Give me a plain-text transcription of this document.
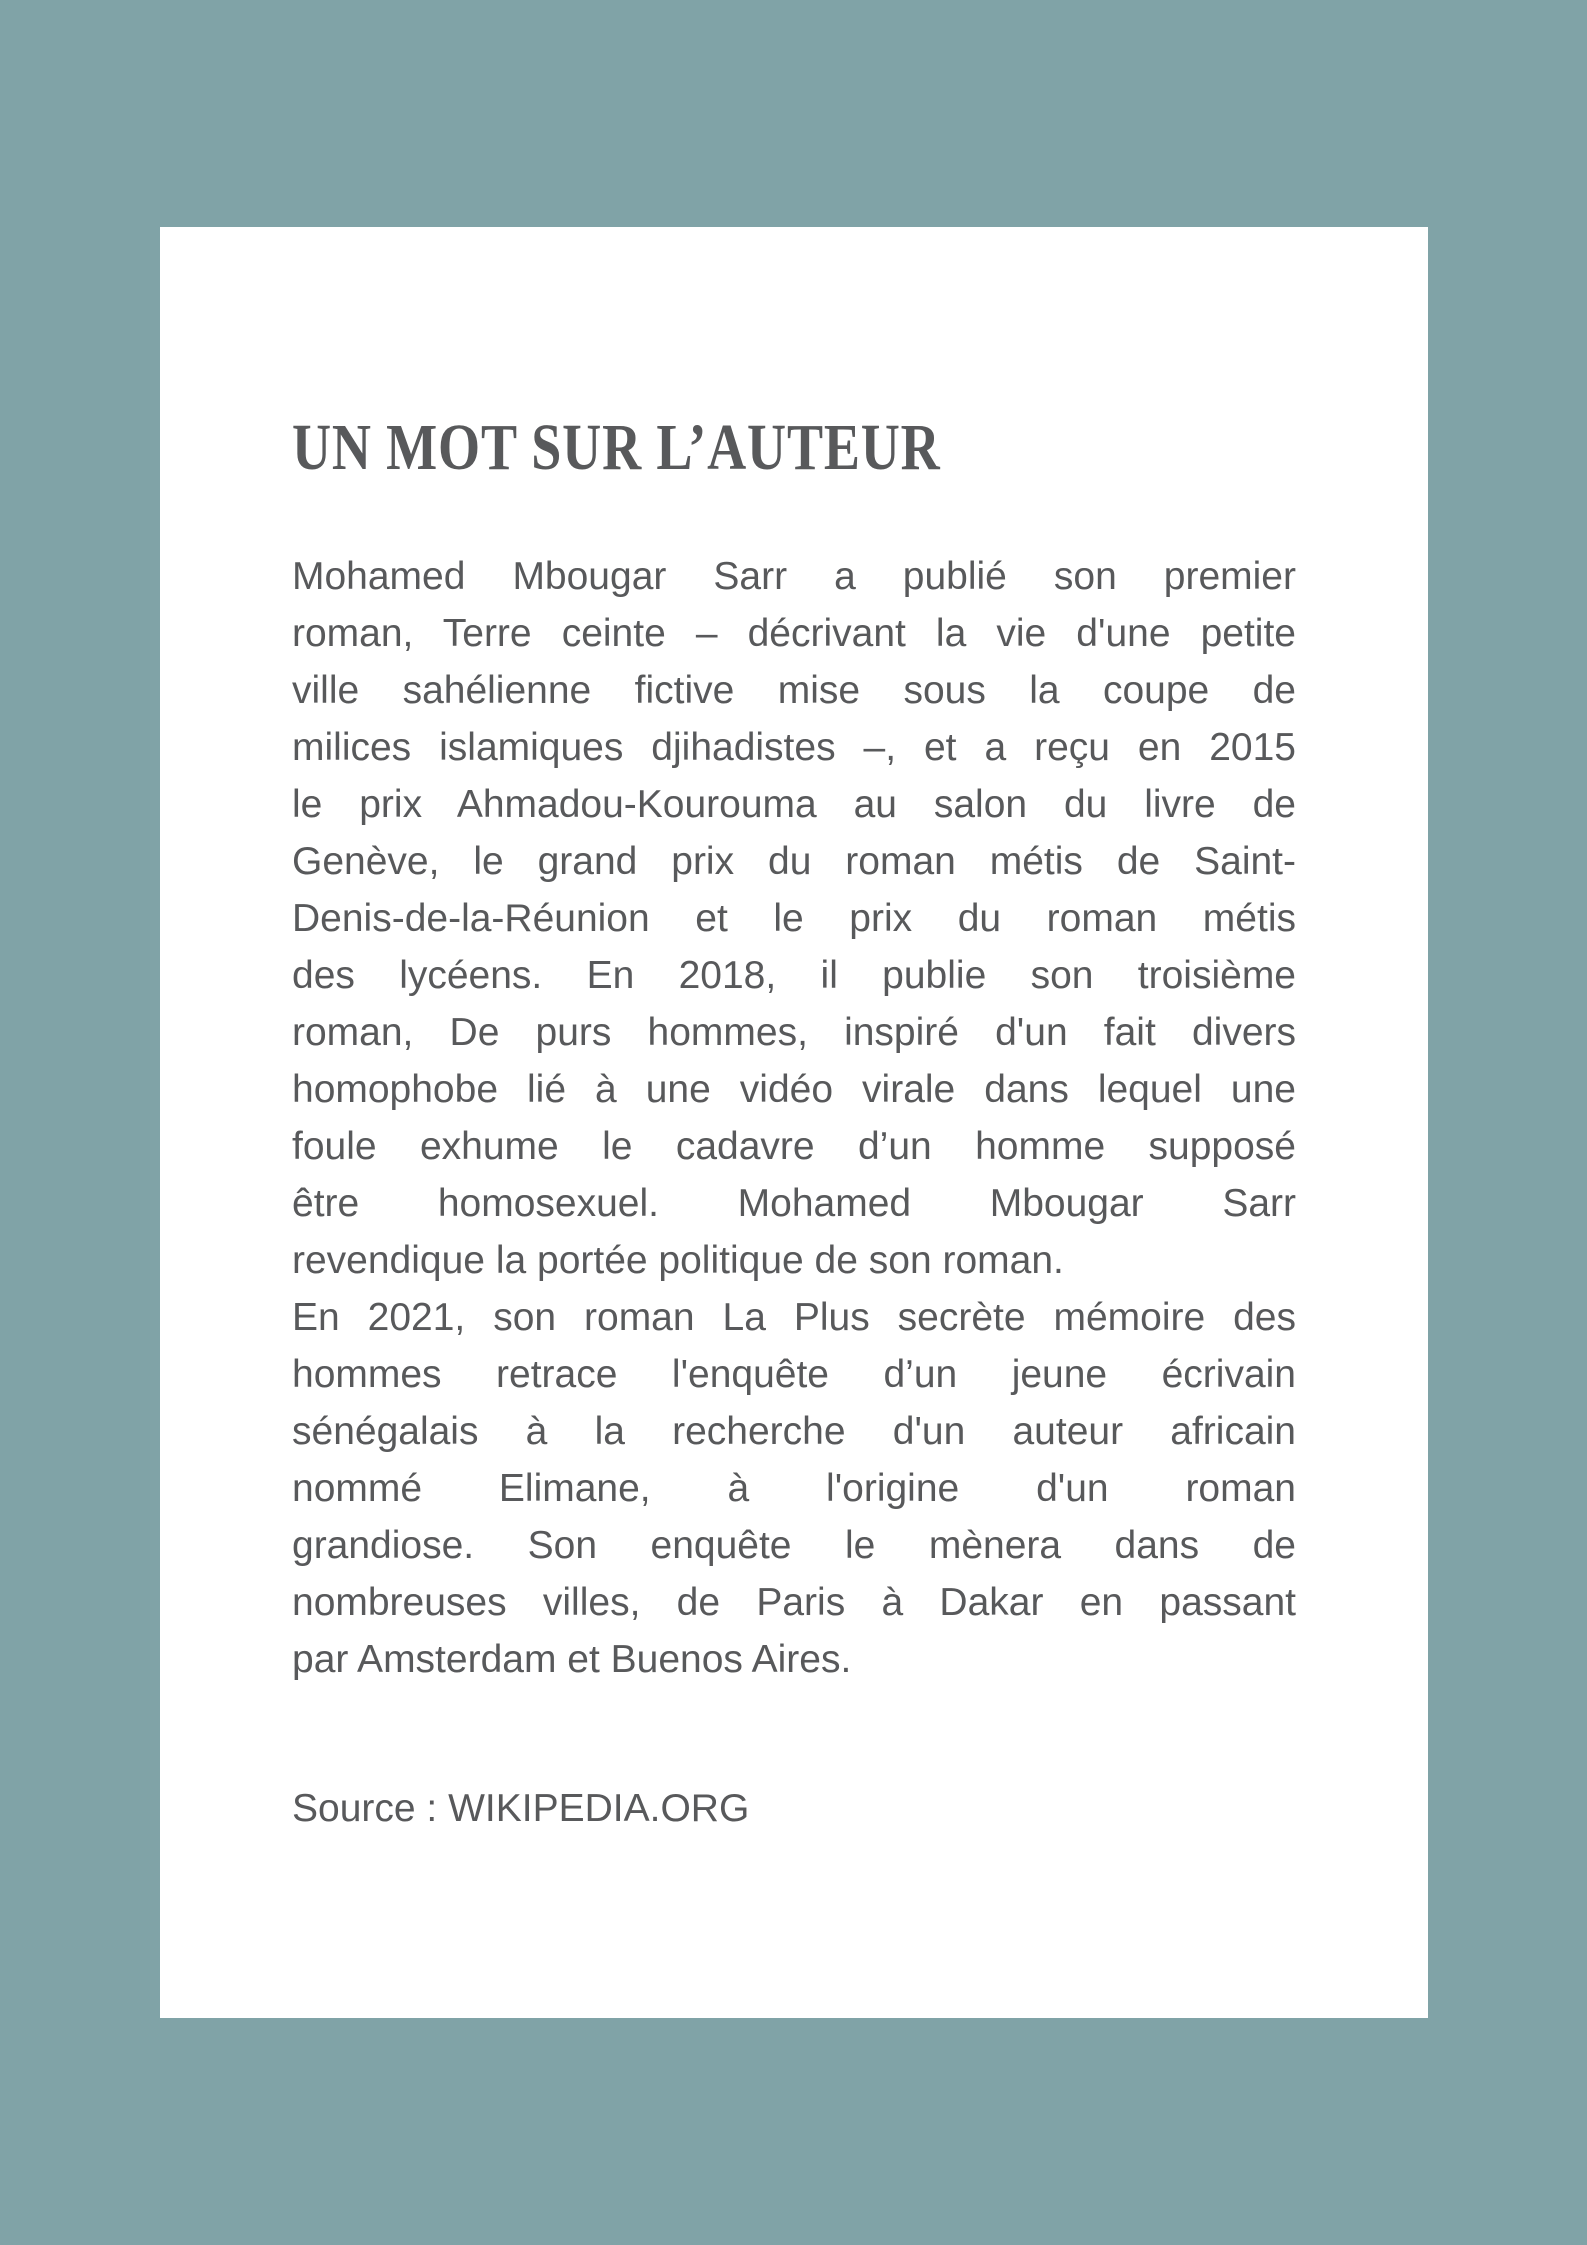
UN MOT SUR L’AUTEUR
Mohamed Mbougar Sarr a publié son premier
roman, Terre ceinte – décrivant la vie d'une petite
ville sahélienne fictive mise sous la coupe de
milices islamiques djihadistes –, et a reçu en 2015
le prix Ahmadou-Kourouma au salon du livre de
Genève, le grand prix du roman métis de Saint-
Denis-de-la-Réunion et le prix du roman métis
des lycéens. En 2018, il publie son troisième
roman, De purs hommes, inspiré d'un fait divers
homophobe lié à une vidéo virale dans lequel une
foule exhume le cadavre d’un homme supposé
être homosexuel. Mohamed Mbougar Sarr
revendique la portée politique de son roman.
En 2021, son roman La Plus secrète mémoire des
hommes retrace l'enquête d’un jeune écrivain
sénégalais à la recherche d'un auteur africain
nommé Elimane, à l'origine d'un roman
grandiose. Son enquête le mènera dans de
nombreuses villes, de Paris à Dakar en passant
par Amsterdam et Buenos Aires.
Source : WIKIPEDIA.ORG
